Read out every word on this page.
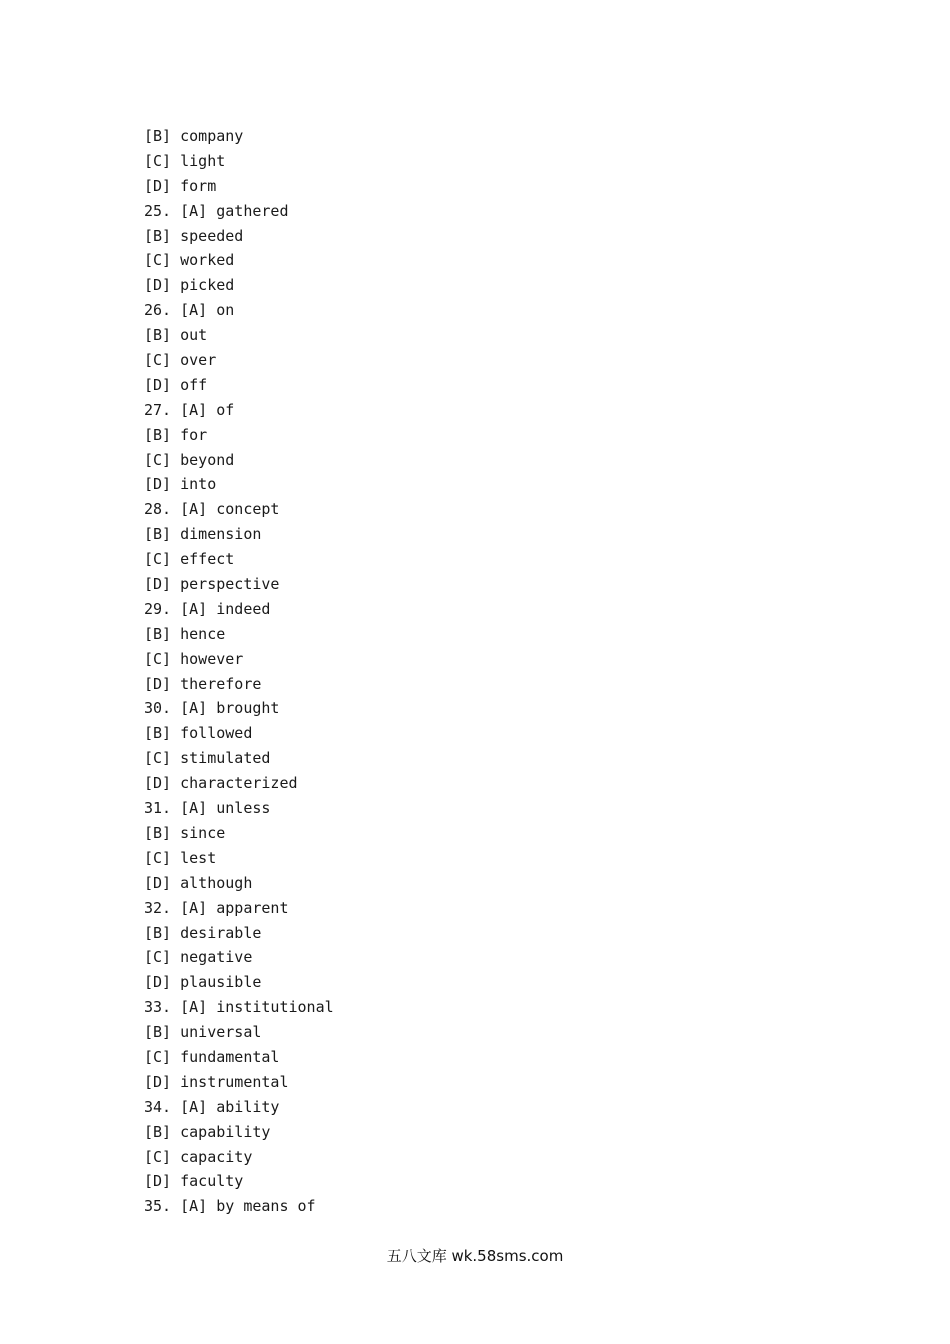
[B] company
[C] light
[D] form
25. [A] gathered
[B] speeded
[C] worked
[D] picked
26. [A] on
[B] out
[C] over
[D] off
27. [A] of
[B] for
[C] beyond
[D] into
28. [A] concept
[B] dimension
[C] effect
[D] perspective
29. [A] indeed
[B] hence
[C] however
[D] therefore
30. [A] brought
[B] followed
[C] stimulated
[D] characterized
31. [A] unless
[B] since
[C] lest
[D] although
32. [A] apparent
[B] desirable
[C] negative
[D] plausible
33. [A] institutional
[B] universal
[C] fundamental
[D] instrumental
34. [A] ability
[B] capability
[C] capacity
[D] faculty
35. [A] by means of
五八文库 wk.58sms.com
